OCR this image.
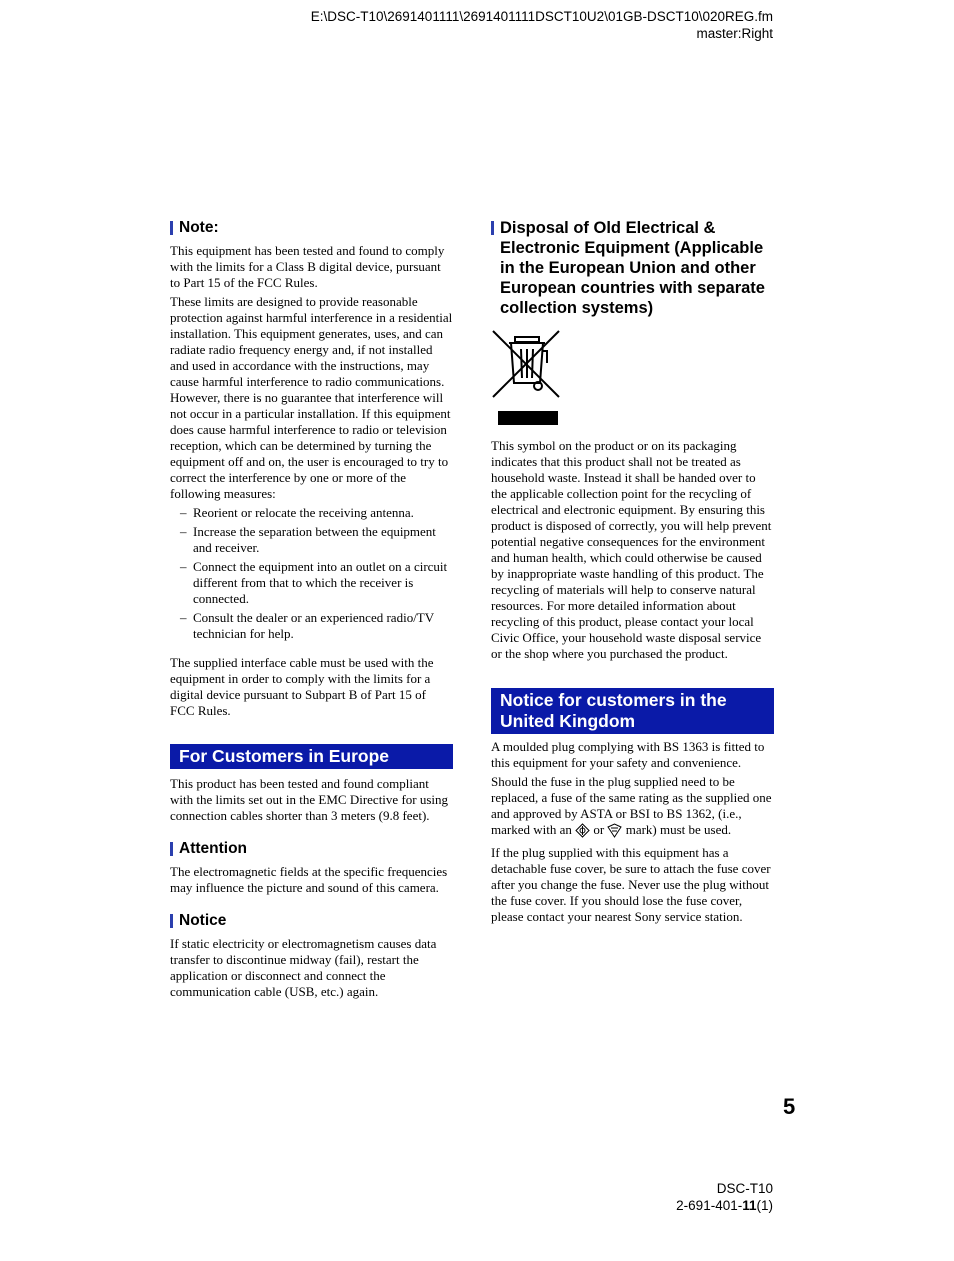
E:\DSC-T10\2691401111\2691401111DSCT10U2\01GB-DSCT10\020REG.fm
master:Right
Note:

This equipment has been tested and found to comply with the limits for a Class B digital device, pursuant to Part 15 of the FCC Rules.

These limits are designed to provide reasonable protection against harmful interference in a residential installation. This equipment generates, uses, and can radiate radio frequency energy and, if not installed and used in accordance with the instructions, may cause harmful interference to radio communications. However, there is no guarantee that interference will not occur in a particular installation. If this equipment does cause harmful interference to radio or television reception, which can be determined by turning the equipment off and on, the user is encouraged to try to correct the interference by one or more of the following measures:

– Reorient or relocate the receiving antenna.
– Increase the separation between the equipment and receiver.
– Connect the equipment into an outlet on a circuit different from that to which the receiver is connected.
– Consult the dealer or an experienced radio/TV technician for help.

The supplied interface cable must be used with the equipment in order to comply with the limits for a digital device pursuant to Subpart B of Part 15 of FCC Rules.

For Customers in Europe

This product has been tested and found compliant with the limits set out in the EMC Directive for using connection cables shorter than 3 meters (9.8 feet).

Attention

The electromagnetic fields at the specific frequencies may influence the picture and sound of this camera.

Notice

If static electricity or electromagnetism causes data transfer to discontinue midway (fail), restart the application or disconnect and connect the communication cable (USB, etc.) again.

Disposal of Old Electrical & Electronic Equipment (Applicable in the European Union and other European countries with separate collection systems)

This symbol on the product or on its packaging indicates that this product shall not be treated as household waste. Instead it shall be handed over to the applicable collection point for the recycling of electrical and electronic equipment. By ensuring this product is disposed of correctly, you will help prevent potential negative consequences for the environment and human health, which could otherwise be caused by inappropriate waste handling of this product. The recycling of materials will help to conserve natural resources. For more detailed information about recycling of this product, please contact your local Civic Office, your household waste disposal service or the shop where you purchased the product.

Notice for customers in the United Kingdom

A moulded plug complying with BS 1363 is fitted to this equipment for your safety and convenience.

Should the fuse in the plug supplied need to be replaced, a fuse of the same rating as the supplied one and approved by ASTA or BSI to BS 1362, (i.e., marked with an or mark) must be used.

If the plug supplied with this equipment has a detachable fuse cover, be sure to attach the fuse cover after you change the fuse. Never use the plug without the fuse cover. If you should lose the fuse cover, please contact your nearest Sony service station.

5
DSC-T10
2-691-401-11(1)
